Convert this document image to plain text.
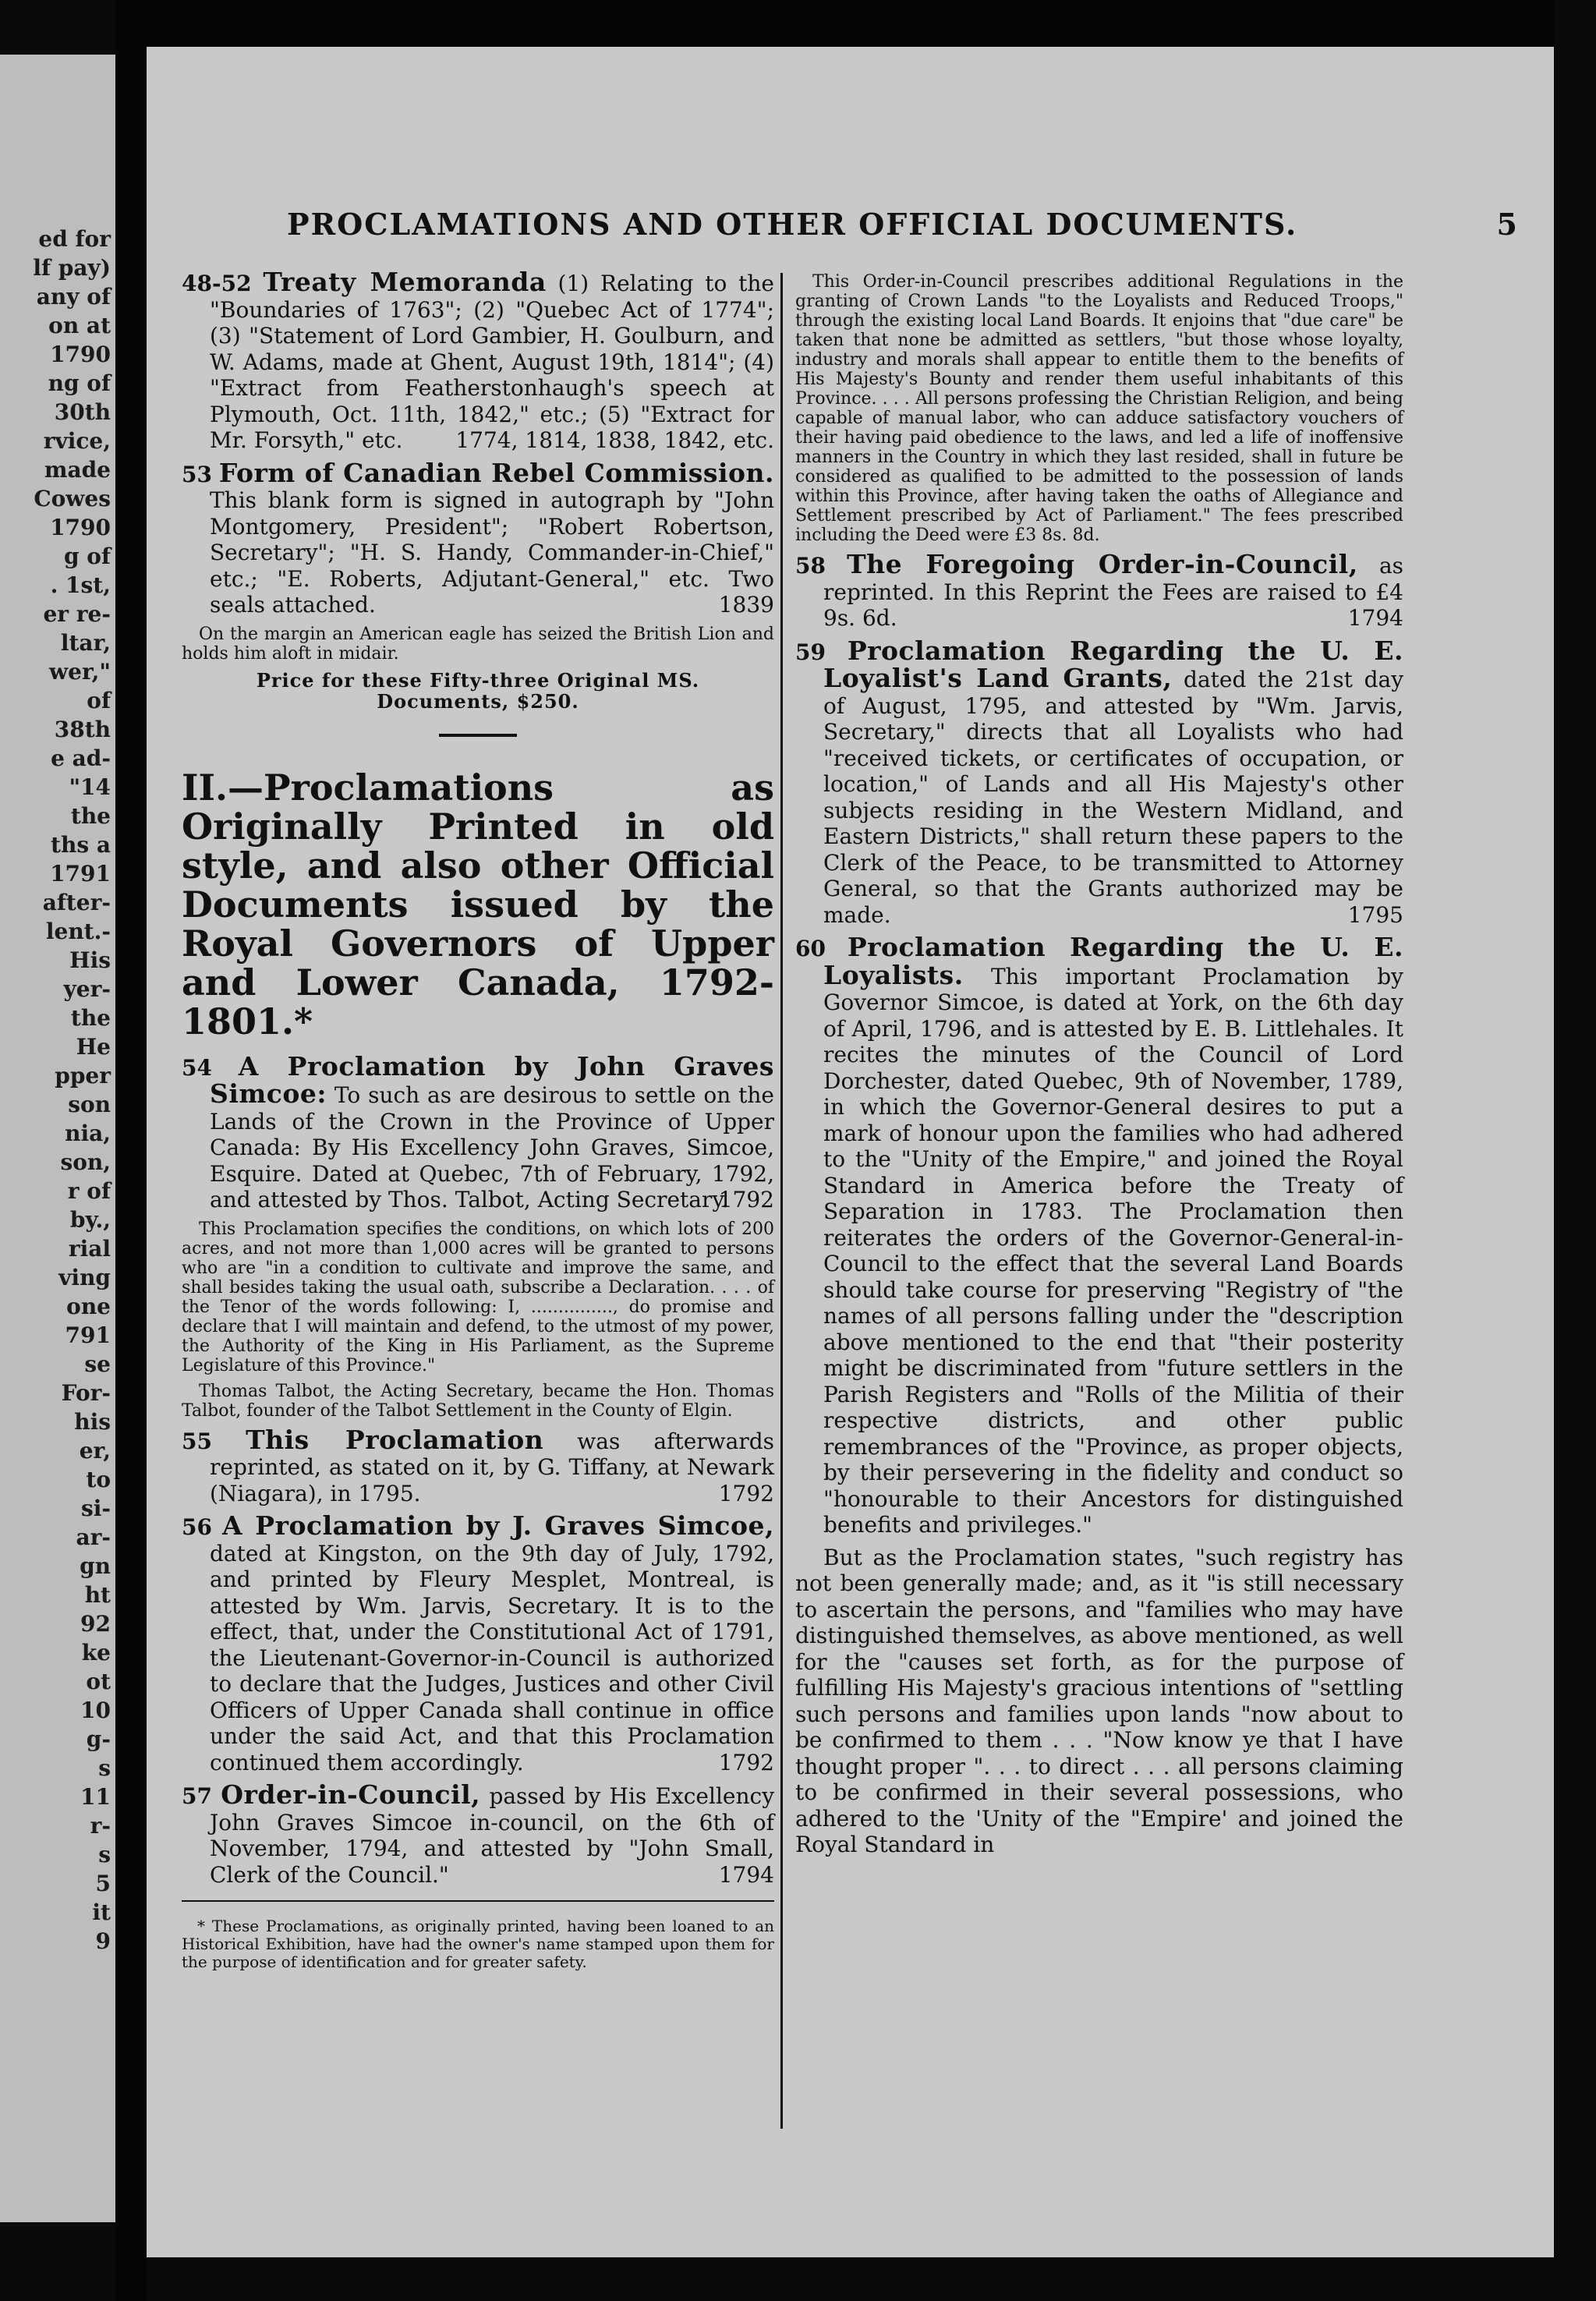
ed for
lf pay)
any of
on at
1790
ng of
30th
rvice,
made
Cowes
1790
g of
. 1st,
er re-
ltar,
wer,"
of
38th
e ad-
"14
the
ths a
1791
after-
lent.-
His
yer-
the
He
pper
son
nia,
son,
r of
by.,
rial
ving
one
791
se
For-
his
er,
to
si-
ar-
gn
ht
92
ke
ot
10
g-
s
11
r-
s
5
it
9
PROCLAMATIONS AND OTHER OFFICIAL DOCUMENTS.	5

48-52 Treaty Memoranda (1) Relating to the "Boundaries of 1763"; (2) "Quebec Act of 1774"; (3) "Statement of Lord Gambier, H. Goulburn, and W. Adams, made at Ghent, August 19th, 1814"; (4) "Extract from Featherstonhaugh's speech at Plymouth, Oct. 11th, 1842," etc.; (5) "Extract for Mr. Forsyth," etc. 1774, 1814, 1838, 1842, etc.

53 Form of Canadian Rebel Commission. This blank form is signed in autograph by "John Montgomery, President"; "Robert Robertson, Secretary"; "H. S. Handy, Commander-in-Chief," etc.; "E. Roberts, Adjutant-General," etc. Two seals attached.	1839

On the margin an American eagle has seized the British Lion and holds him aloft in midair.

Price for these Fifty-three Original MS. Documents, $250.

II.—Proclamations as Originally Printed in old style, and also other Official Documents issued by the Royal Governors of Upper and Lower Canada, 1792-1801.*

54 A Proclamation by John Graves Simcoe: To such as are desirous to settle on the Lands of the Crown in the Province of Upper Canada: By His Excellency John Graves, Simcoe, Esquire. Dated at Quebec, 7th of February, 1792, and attested by Thos. Talbot, Acting Secretary.
1792

This Proclamation specifies the conditions, on which lots of 200 acres, and not more than 1,000 acres will be granted to persons who are "in a condition to cultivate and improve the same, and shall besides taking the usual oath, subscribe a Declaration. . . . of the Tenor of the words following: I, ..............., do promise and declare that I will maintain and defend, to the utmost of my power, the Authority of the King in His Parliament, as the Supreme Legislature of this Province."

Thomas Talbot, the Acting Secretary, became the Hon. Thomas Talbot, founder of the Talbot Settlement in the County of Elgin.

55 This Proclamation was afterwards reprinted, as stated on it, by G. Tiffany, at Newark (Niagara), in 1795.	1792

56 A Proclamation by J. Graves Simcoe, dated at Kingston, on the 9th day of July, 1792, and printed by Fleury Mesplet, Montreal, is attested by Wm. Jarvis, Secretary. It is to the effect, that, under the Constitutional Act of 1791, the Lieutenant-Governor-in-Council is authorized to declare that the Judges, Justices and other Civil Officers of Upper Canada shall continue in office under the said Act, and that this Proclamation continued them accordingly.	1792

57 Order-in-Council, passed by His Excellency John Graves Simcoe in-council, on the 6th of November, 1794, and attested by "John Small, Clerk of the Council."	1794

* These Proclamations, as originally printed, having been loaned to an Historical Exhibition, have had the owner's name stamped upon them for the purpose of identification and for greater safety.

This Order-in-Council prescribes additional Regulations in the granting of Crown Lands "to the Loyalists and Reduced Troops," through the existing local Land Boards. It enjoins that "due care" be taken that none be admitted as settlers, "but those whose loyalty, industry and morals shall appear to entitle them to the benefits of His Majesty's Bounty and render them useful inhabitants of this Province. . . . All persons professing the Christian Religion, and being capable of manual labor, who can adduce satisfactory vouchers of their having paid obedience to the laws, and led a life of inoffensive manners in the Country in which they last resided, shall in future be considered as qualified to be admitted to the possession of lands within this Province, after having taken the oaths of Allegiance and Settlement prescribed by Act of Parliament." The fees prescribed including the Deed were £3 8s. 8d.

58 The Foregoing Order-in-Council, as reprinted. In this Reprint the Fees are raised to £4 9s. 6d.	1794

59 Proclamation Regarding the U. E. Loyalist's Land Grants, dated the 21st day of August, 1795, and attested by "Wm. Jarvis, Secretary," directs that all Loyalists who had "received tickets, or certificates of occupation, or location," of Lands and all His Majesty's other subjects residing in the Western Midland, and Eastern Districts," shall return these papers to the Clerk of the Peace, to be transmitted to Attorney General, so that the Grants authorized may be made.	1795

60 Proclamation Regarding the U. E. Loyalists. This important Proclamation by Governor Simcoe, is dated at York, on the 6th day of April, 1796, and is attested by E. B. Littlehales. It recites the minutes of the Council of Lord Dorchester, dated Quebec, 9th of November, 1789, in which the Governor-General desires to put a mark of honour upon the families who had adhered to the "Unity of the Empire," and joined the Royal Standard in America before the Treaty of Separation in 1783. The Proclamation then reiterates the orders of the Governor-General-in-Council to the effect that the several Land Boards should take course for preserving "Registry of "the names of all persons falling under the "description above mentioned to the end that "their posterity might be discriminated from "future settlers in the Parish Registers and "Rolls of the Militia of their respective districts, and other public remembrances of the "Province, as proper objects, by their persevering in the fidelity and conduct so "honourable to their Ancestors for distinguished benefits and privileges."

But as the Proclamation states, "such registry has not been generally made; and, as it "is still necessary to ascertain the persons, and "families who may have distinguished themselves, as above mentioned, as well for the "causes set forth, as for the purpose of fulfilling His Majesty's gracious intentions of "settling such persons and families upon lands "now about to be confirmed to them . . . "Now know ye that I have thought proper ". . . to direct . . . all persons claiming to be confirmed in their several possessions, who adhered to the 'Unity of the "Empire' and joined the Royal Standard in
